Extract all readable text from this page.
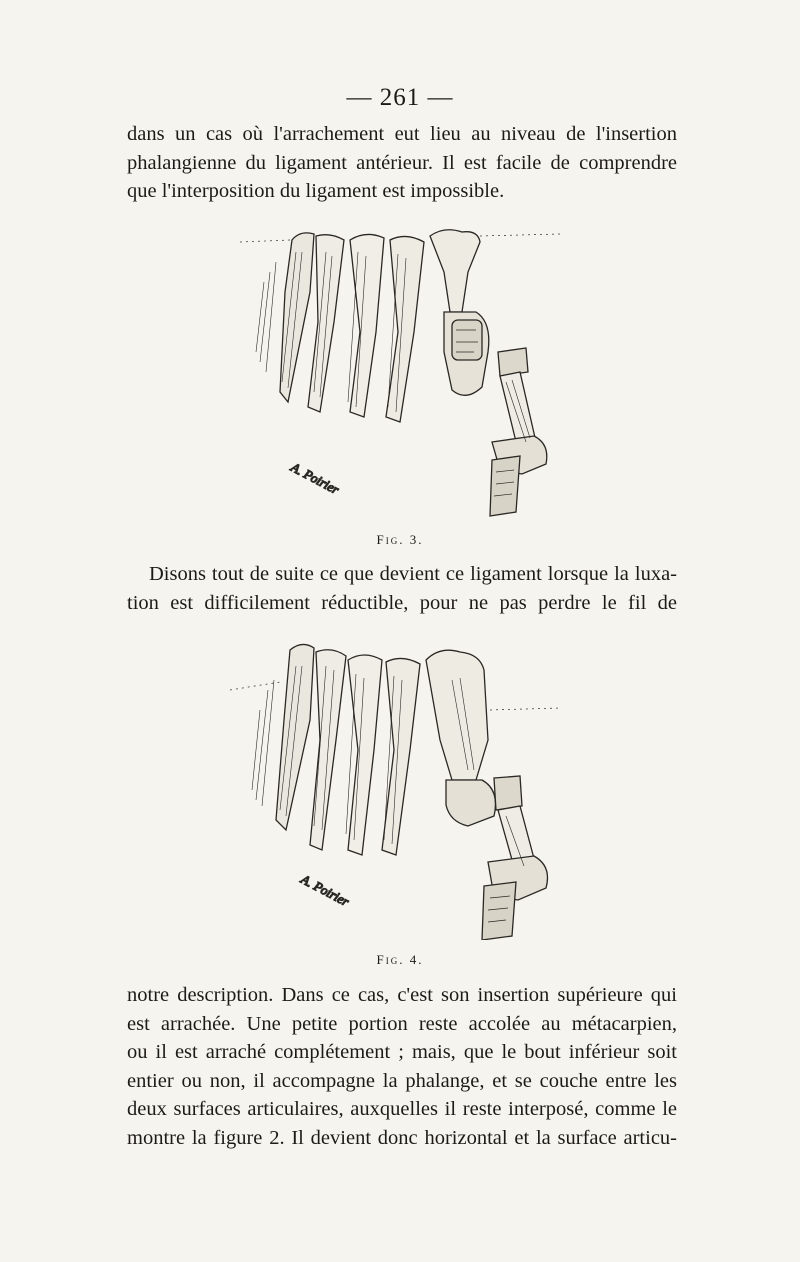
— 261 —

dans un cas où l'arrachement eut lieu au niveau de l'insertion
phalangienne du ligament antérieur. Il est facile de comprendre
que l'interposition du ligament est impossible.

A. Poirier
Fig. 3.

Disons tout de suite ce que devient ce ligament lorsque la luxa-
tion est difficilement réductible, pour ne pas perdre le fil de

A. Poirier
Fig. 4.

notre description. Dans ce cas, c'est son insertion supérieure qui
est arrachée. Une petite portion reste accolée au métacarpien,
ou il est arraché complétement ; mais, que le bout inférieur soit
entier ou non, il accompagne la phalange, et se couche entre les
deux surfaces articulaires, auxquelles il reste interposé, comme le
montre la figure 2. Il devient donc horizontal et la surface articu-
